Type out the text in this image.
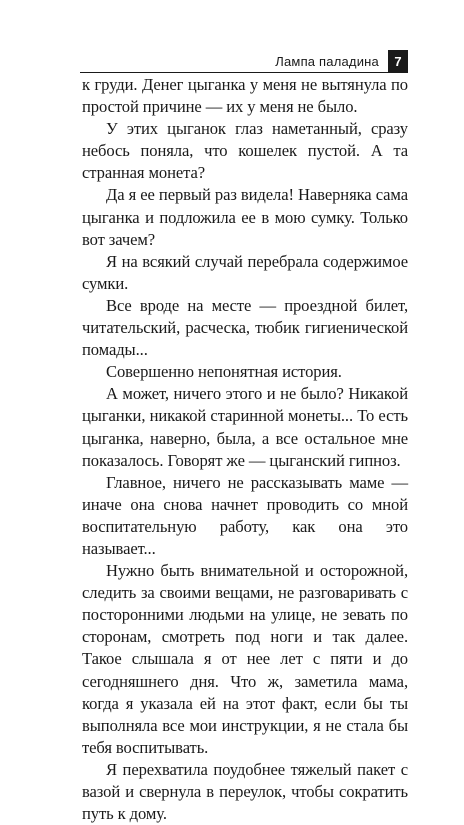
Лампа паладина	7

к груди. Денег цыганка у меня не вытянула по простой причине — их у меня не было.

У этих цыганок глаз наметанный, сразу небось поняла, что кошелек пустой. А та странная монета?

Да я ее первый раз видела! Наверняка сама цыганка и подложила ее в мою сумку. Только вот зачем?

Я на всякий случай перебрала содержимое сумки.

Все вроде на месте — проездной билет, читательский, расческа, тюбик гигиенической помады...

Совершенно непонятная история.

А может, ничего этого и не было? Никакой цыганки, никакой старинной монеты... То есть цыганка, наверно, была, а все остальное мне показалось. Говорят же — цыганский гипноз.

Главное, ничего не рассказывать маме — иначе она снова начнет проводить со мной воспитательную работу, как она это называет...

Нужно быть внимательной и осторожной, следить за своими вещами, не разговаривать с посторонними людьми на улице, не зевать по сторонам, смотреть под ноги и так далее. Такое слышала я от нее лет с пяти и до сегодняшнего дня. Что ж, заметила мама, когда я указала ей на этот факт, если бы ты выполняла все мои инструкции, я не стала бы тебя воспитывать.

Я перехватила поудобнее тяжелый пакет с вазой и свернула в переулок, чтобы сократить путь к дому.
